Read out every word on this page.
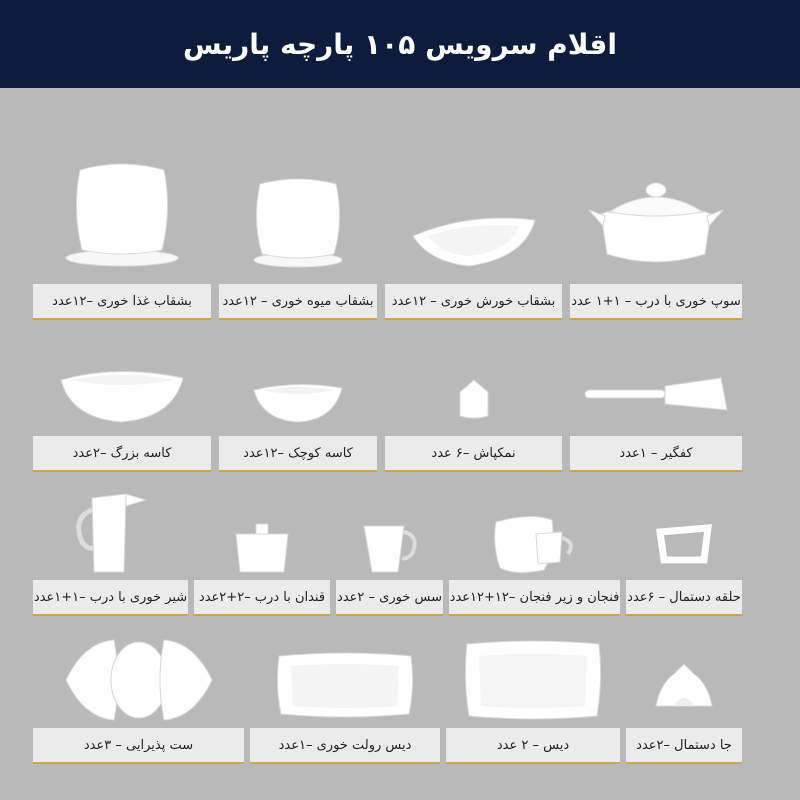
اقلام سرویس ۱۰۵ پارچه پاریس
بشقاب غذا خوری –۱۲عدد	بشقاب میوه خوری – ۱۲عدد	بشقاب خورش خوری – ۱۲عدد	سوپ خوری با درب – ۱+۱ عدد
کاسه بزرگ –۲عدد	کاسه کوچک –۱۲عدد	نمکپاش –۶ عدد	کفگیر – ۱عدد
شیر خوری با درب –۱+۱عدد قندان با درب –۲+۲عدد سس خوری – ۲عدد فنجان و زیر فنجان –۱۲+۱۲عدد حلقه دستمال – ۶عدد
ست پذیرایی – ۳عدد	دیس رولت خوری –۱عدد	دیس – ۲ عدد	جا دستمال –۲عدد
